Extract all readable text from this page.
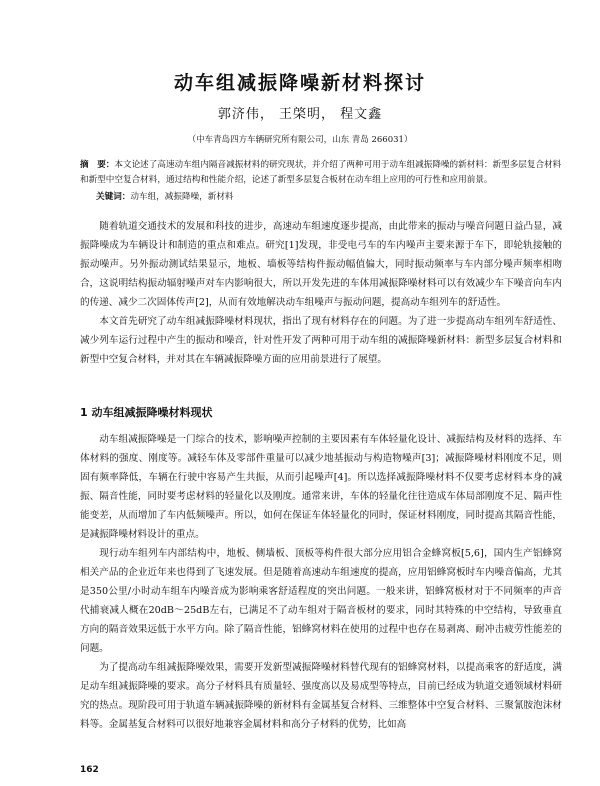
动车组减振降噪新材料探讨
郭济伟， 王棨明， 程文鑫
（中车青岛四方车辆研究所有限公司，山东 青岛 266031）
摘　要：本文论述了高速动车组内隔音减振材料的研究现状，并介绍了两种可用于动车组减振降噪的新材料：新型多层复合材料和新型中空复合材料，通过结构和性能介绍，论述了新型多层复合板材在动车组上应用的可行性和应用前景。
关键词：动车组，减振降噪，新材料

随着轨道交通技术的发展和科技的进步，高速动车组速度逐步提高，由此带来的振动与噪音问题日益凸显，减振降噪成为车辆设计和制造的重点和难点。研究[1]发现，非受电弓车的车内噪声主要来源于车下，即轮轨接触的振动噪声。另外振动测试结果显示，地板、墙板等结构件振动幅值偏大，同时振动频率与车内部分噪声频率相吻合，这说明结构振动辐射噪声对车内影响很大，所以开发先进的车体用减振降噪材料可以有效减少车下噪音向车内的传递、减少二次固体传声[2]，从而有效地解决动车组噪声与振动问题，提高动车组列车的舒适性。

本文首先研究了动车组减振降噪材料现状，指出了现有材料存在的问题。为了进一步提高动车组列车舒适性、减少列车运行过程中产生的振动和噪音，针对性开发了两种可用于动车组的减振降噪新材料：新型多层复合材料和新型中空复合材料，并对其在车辆减振降噪方面的应用前景进行了展望。

1 动车组减振降噪材料现状

动车组减振降噪是一门综合的技术，影响噪声控制的主要因素有车体轻量化设计、减振结构及材料的选择、车体材料的强度、刚度等。减轻车体及零部件重量可以减少地基振动与构造物噪声[3]；减振降噪材料刚度不足，则固有频率降低，车辆在行驶中容易产生共振，从而引起噪声[4]。所以选择减振降噪材料不仅要考虑材料本身的减振、隔音性能，同时要考虑材料的轻量化以及刚度。通常来讲，车体的轻量化往往造成车体局部刚度不足、隔声性能变差，从而增加了车内低频噪声。所以，如何在保证车体轻量化的同时，保证材料刚度，同时提高其隔音性能，是减振降噪材料设计的重点。

现行动车组列车内部结构中，地板、侧墙板、顶板等构件很大部分应用铝合金蜂窝板[5,6]，国内生产铝蜂窝相关产品的企业近年来也得到了飞速发展。但是随着高速动车组速度的提高，应用铝蜂窝板时车内噪音偏高，尤其是350公里/小时动车组车内噪音成为影响乘客舒适程度的突出问题。一般来讲，铝蜂窝板材对于不同频率的声音代捕衰减人概在20dB～25dB左右，已满足不了动车组对于隔音板材的要求，同时其特殊的中空结构，导致垂直方向的隔音效果远低于水平方向。除了隔音性能，铝蜂窝材料在使用的过程中也存在易剥离、耐冲击疲劳性能差的问题。

为了提高动车组减振降噪效果，需要开发新型减振降噪材料替代现有的铝蜂窝材料，以提高乘客的舒适度，满足动车组减振降噪的要求。高分子材料具有质量轻、强度高以及易成型等特点，目前已经成为轨道交通领域材料研究的热点。现阶段可用于轨道车辆减振降噪的新材料有金属基复合材料、三维整体中空复合材料、三聚氰胺泡沫材料等。金属基复合材料可以很好地兼容金属材料和高分子材料的优势，比如高

162
